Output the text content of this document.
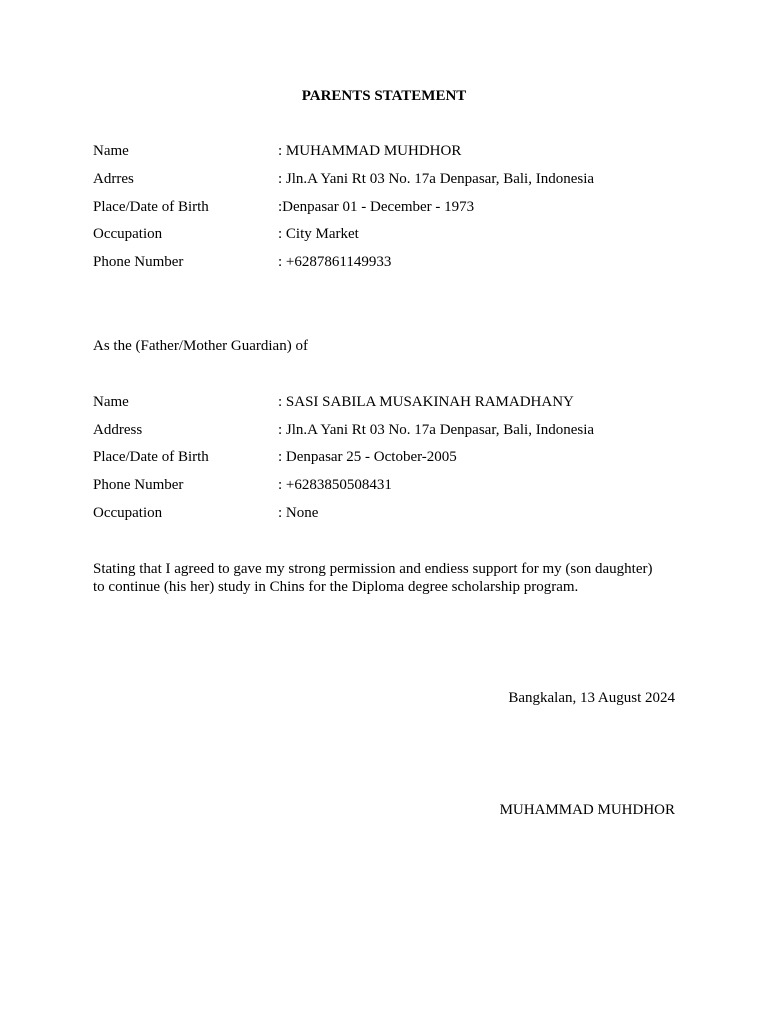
PARENTS STATEMENT
Name	: MUHAMMAD MUHDHOR
Adrres	: Jln.A Yani Rt 03 No. 17a Denpasar, Bali, Indonesia
Place/Date of Birth	:Denpasar 01 - December - 1973
Occupation	: City Market
Phone Number	: +6287861149933
As the (Father/Mother Guardian) of
Name	: SASI SABILA MUSAKINAH RAMADHANY
Address	: Jln.A Yani Rt 03 No. 17a Denpasar, Bali, Indonesia
Place/Date of Birth	: Denpasar 25 - October-2005
Phone Number	: +6283850508431
Occupation	: None
Stating that I agreed to gave my strong permission and endiess support for my (son daughter)
to continue (his her) study in Chins for the Diploma degree scholarship program.
Bangkalan, 13 August 2024
MUHAMMAD MUHDHOR
